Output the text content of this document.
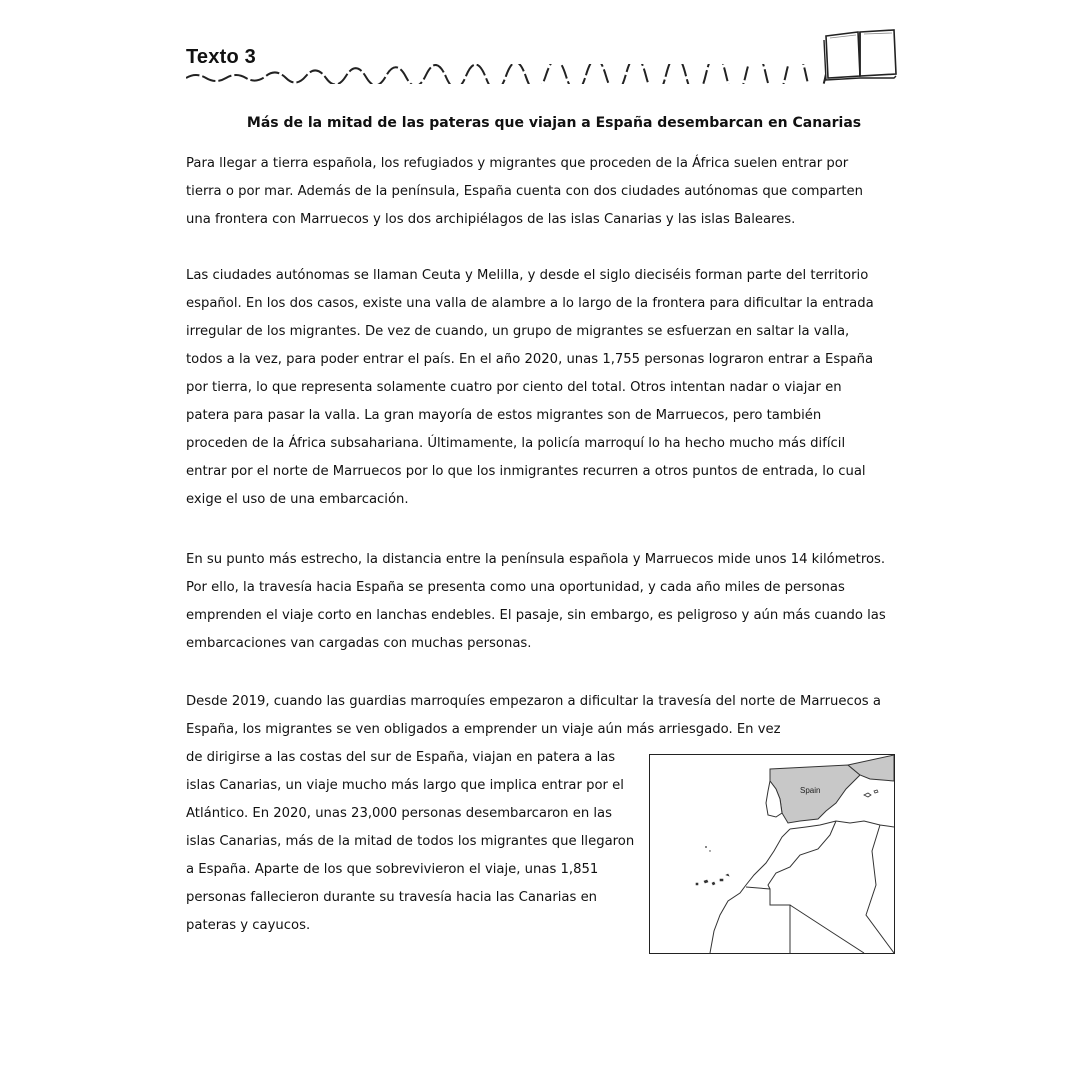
Texto 3
Más de la mitad de las pateras que viajan a España desembarcan en Canarias

Para llegar a tierra española, los refugiados y migrantes que proceden de la África suelen entrar por tierra o por mar. Además de la península, España cuenta con dos ciudades autónomas que comparten una frontera con Marruecos y los dos archipiélagos de las islas Canarias y las islas Baleares.

Las ciudades autónomas se llaman Ceuta y Melilla, y desde el siglo dieciséis forman parte del territorio español. En los dos casos, existe una valla de alambre a lo largo de la frontera para dificultar la entrada irregular de los migrantes. De vez de cuando, un grupo de migrantes se esfuerzan en saltar la valla, todos a la vez, para poder entrar el país. En el año 2020, unas 1,755 personas lograron entrar a España por tierra, lo que representa solamente cuatro por ciento del total. Otros intentan nadar o viajar en patera para pasar la valla. La gran mayoría de estos migrantes son de Marruecos, pero también proceden de la África subsahariana. Últimamente, la policía marroquí lo ha hecho mucho más difícil entrar por el norte de Marruecos por lo que los inmigrantes recurren a otros puntos de entrada, lo cual exige el uso de una embarcación.

En su punto más estrecho, la distancia entre la península española y Marruecos mide unos 14 kilómetros. Por ello, la travesía hacia España se presenta como una oportunidad, y cada año miles de personas emprenden el viaje corto en lanchas endebles. El pasaje, sin embargo, es peligroso y aún más cuando las embarcaciones van cargadas con muchas personas.

Desde 2019, cuando las guardias marroquíes empezaron a dificultar la travesía del norte de Marruecos a España, los migrantes se ven obligados a emprender un viaje aún más arriesgado. En vez

de dirigirse a las costas del sur de España, viajan en patera a las islas Canarias, un viaje mucho más largo que implica entrar por el Atlántico. En 2020, unas 23,000 personas desembarcaron en las islas Canarias, más de la mitad de todos los migrantes que llegaron a España. Aparte de los que sobrevivieron el viaje, unas 1,851 personas fallecieron durante su travesía hacia las Canarias en pateras y cayucos.

Spain
